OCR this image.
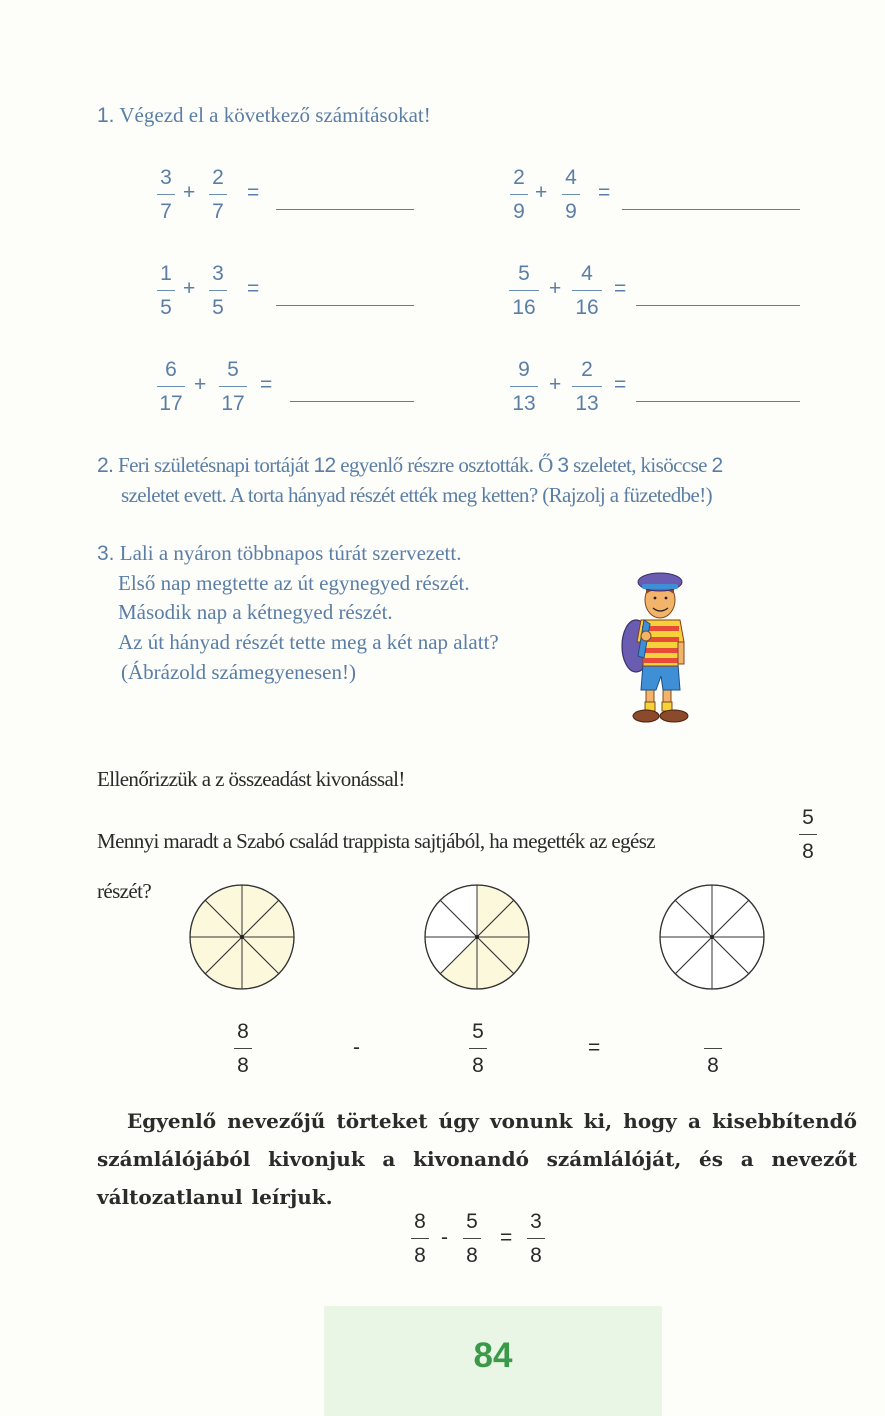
1. Végezd el a következő számításokat!
3
7
+
2
7
=
2
9
+
4
9
=
1
5
+
3
5
=
5
16
+
4
16
=
6
17
+
5
17
=
9
13
+
2
13
=
2. Feri születésnapi tortáját 12 egyenlő részre osztották. Ő 3 szeletet, kisöccse 2
szeletet evett. A torta hányad részét ették meg ketten? (Rajzolj a füzetedbe!)
3. Lali a nyáron többnapos túrát szervezett.
Első nap megtette az út egynegyed részét.
Második nap a kétnegyed részét.
Az út hányad részét tette meg a két nap alatt?
(Ábrázold számegyenesen!)
Ellenőrizzük a z összeadást kivonással!
Mennyi maradt a Szabó család trappista sajtjából, ha megették az egész
5
8
részét?
8
8
-
5
8
=
8
Egyenlő nevezőjű törteket úgy vonunk ki, hogy a kisebbítendő számlálójából kivonjuk a kivonandó számlálóját, és a nevezőt változatlanul leírjuk.
8
8
-
5
8
=
3
8
84
